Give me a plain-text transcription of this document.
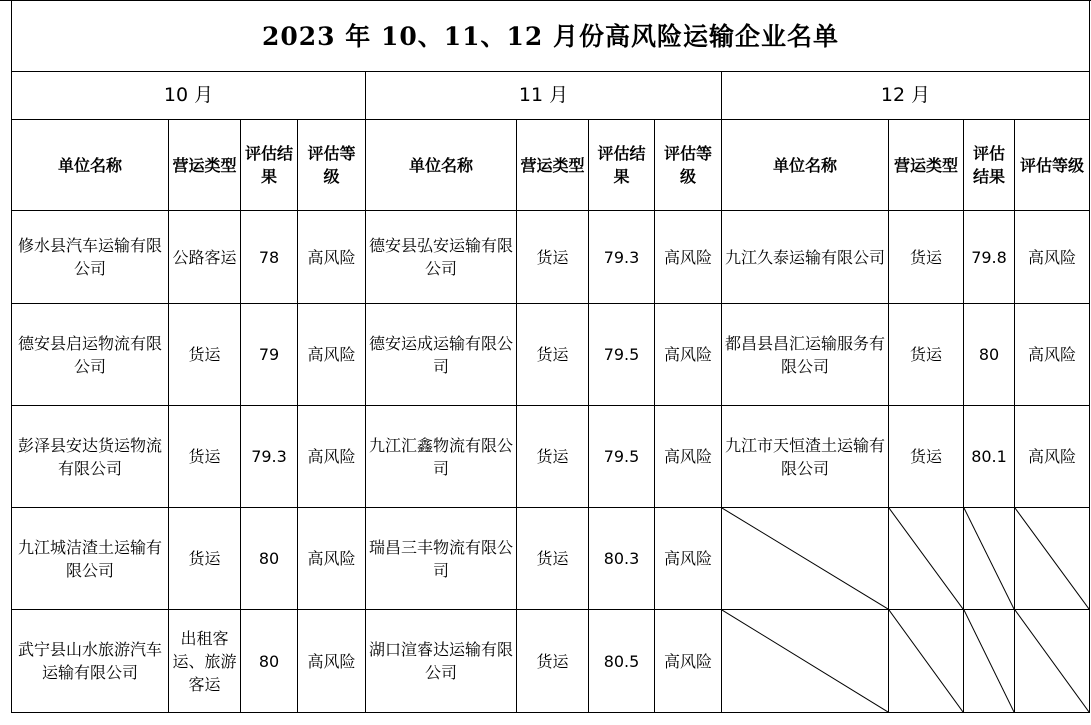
2023 年 10、11、12 月份高风险运输企业名单											
10 月				11 月				12 月			
单位名称	营运类型	评估结果	评估等级	单位名称	营运类型	评估结果	评估等级	单位名称	营运类型	评估结果	评估等级
修水县汽车运输有限公司	公路客运	78	高风险	德安县弘安运输有限公司	货运	79.3	高风险	九江久泰运输有限公司	货运	79.8	高风险
德安县启运物流有限公司	货运	79	高风险	德安运成运输有限公司	货运	79.5	高风险	都昌县昌汇运输服务有限公司	货运	80	高风险
彭泽县安达货运物流有限公司	货运	79.3	高风险	九江汇鑫物流有限公司	货运	79.5	高风险	九江市天恒渣土运输有限公司	货运	80.1	高风险
九江城洁渣土运输有限公司	货运	80	高风险	瑞昌三丰物流有限公司	货运	80.3	高风险	

武宁县山水旅游汽车运输有限公司	出租客运、旅游客运	80	高风险	湖口渲睿达运输有限公司	货运	80.5	高风险	
